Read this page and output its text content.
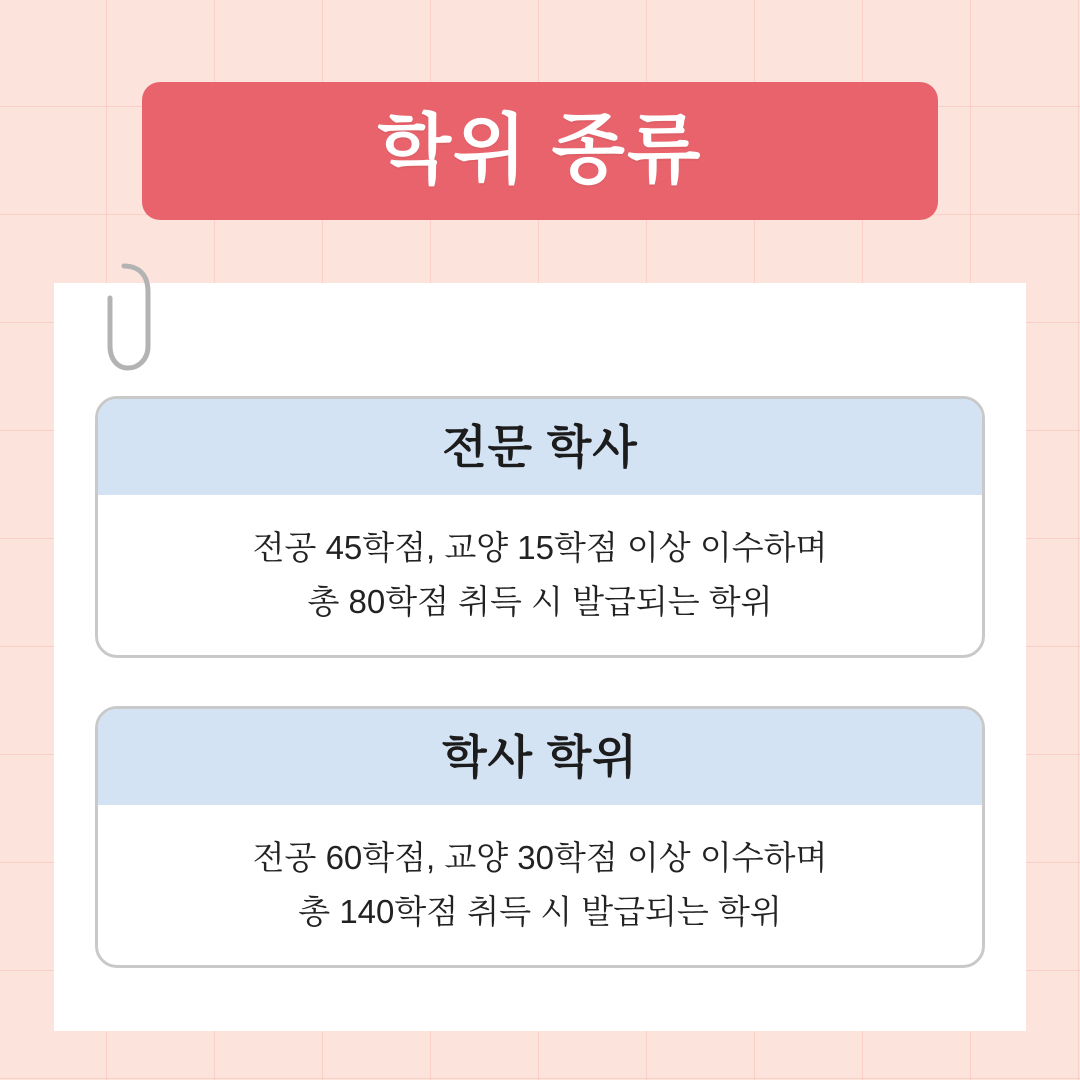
학위 종류
전문 학사
전공 45학점, 교양 15학점 이상 이수하며
총 80학점 취득 시 발급되는 학위
학사 학위
전공 60학점, 교양 30학점 이상 이수하며
총 140학점 취득 시 발급되는 학위
